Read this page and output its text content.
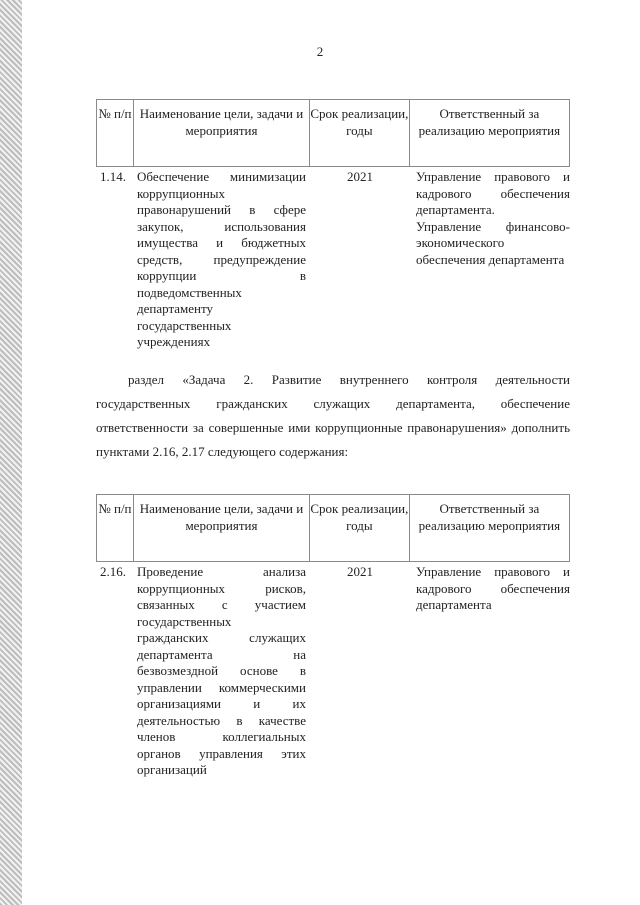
2
№ п/п Наименование цели, задачи и мероприятия
Срок реализации, годы
Ответственный за реализацию мероприятия
1.14. Обеспечение минимизации коррупционных правонарушений в сфере закупок, использования имущества и бюджетных средств, предупреждение коррупции в подведомственных департаменту государственных учреждениях
2021	Управление правового и кадрового обеспечения департамента.
Управление финансово-экономического обеспечения департамента
раздел «Задача 2. Развитие внутреннего контроля деятельности государственных гражданских служащих департамента, обеспечение ответственности за совершенные ими коррупционные правонарушения» дополнить пунктами 2.16, 2.17 следующего содержания:
№ п/п Наименование цели, задачи и мероприятия
Срок реализации, годы
Ответственный за реализацию мероприятия
2.16. Проведение анализа коррупционных рисков, связанных с участием государственных гражданских служащих департамента на безвозмездной основе в управлении коммерческими организациями и их деятельностью в качестве членов коллегиальных органов управления этих организаций
2021	Управление правового и кадрового обеспечения департамента
